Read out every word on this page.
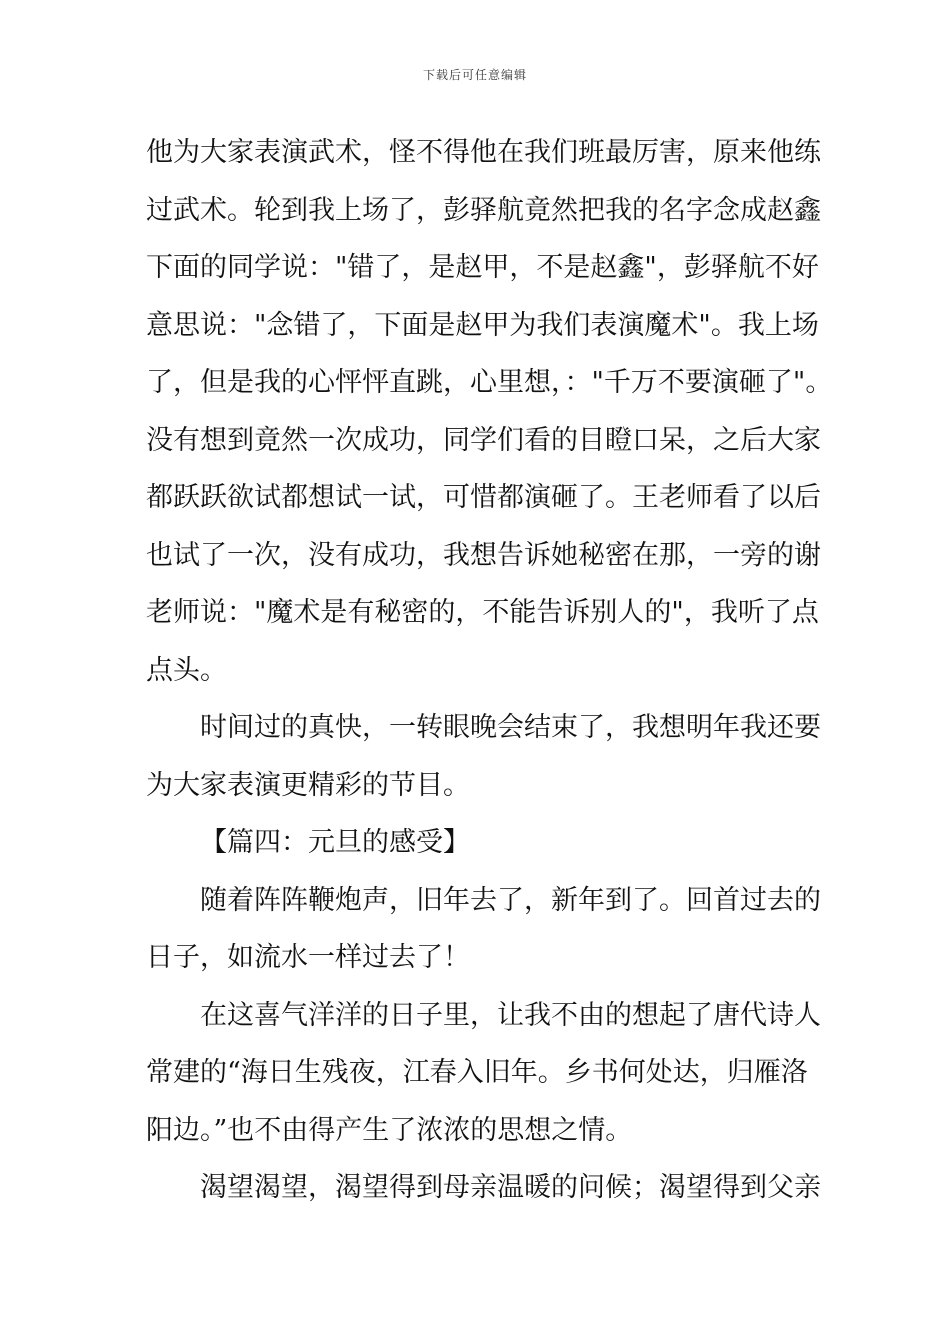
下载后可任意编辑
他为大家表演武术，怪不得他在我们班最厉害，原来他练
过武术。轮到我上场了，彭驿航竟然把我的名字念成赵鑫
下面的同学说："错了，是赵甲，不是赵鑫"，彭驿航不好
意思说："念错了，下面是赵甲为我们表演魔术"。我上场
了，但是我的心怦怦直跳，心里想，："千万不要演砸了"。
没有想到竟然一次成功，同学们看的目瞪口呆，之后大家
都跃跃欲试都想试一试，可惜都演砸了。王老师看了以后
也试了一次，没有成功，我想告诉她秘密在那，一旁的谢
老师说："魔术是有秘密的，不能告诉别人的"，我听了点
点头。
时间过的真快，一转眼晚会结束了，我想明年我还要
为大家表演更精彩的节目。
【篇四：元旦的感受】
随着阵阵鞭炮声，旧年去了，新年到了。回首过去的
日子，如流水一样过去了！
在这喜气洋洋的日子里，让我不由的想起了唐代诗人
常建的“海日生残夜，江春入旧年。乡书何处达，归雁洛
阳边。”也不由得产生了浓浓的思想之情。
渴望渴望，渴望得到母亲温暖的问候；渴望得到父亲
